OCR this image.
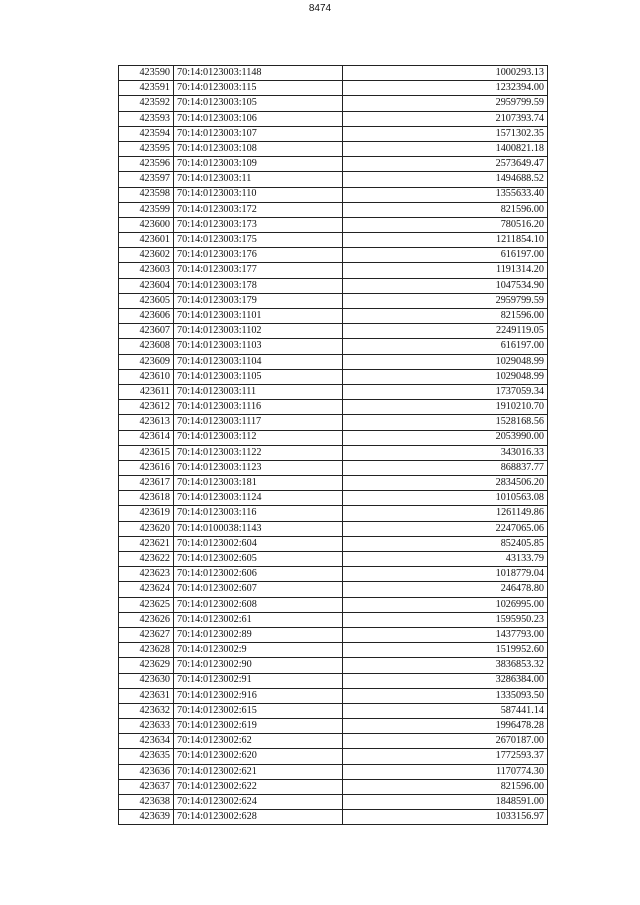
8474
423590	70:14:0123003:1148	1000293.13
423591	70:14:0123003:115	1232394.00
423592	70:14:0123003:105	2959799.59
423593	70:14:0123003:106	2107393.74
423594	70:14:0123003:107	1571302.35
423595	70:14:0123003:108	1400821.18
423596	70:14:0123003:109	2573649.47
423597	70:14:0123003:11	1494688.52
423598	70:14:0123003:110	1355633.40
423599	70:14:0123003:172	821596.00
423600	70:14:0123003:173	780516.20
423601	70:14:0123003:175	1211854.10
423602	70:14:0123003:176	616197.00
423603	70:14:0123003:177	1191314.20
423604	70:14:0123003:178	1047534.90
423605	70:14:0123003:179	2959799.59
423606	70:14:0123003:1101	821596.00
423607	70:14:0123003:1102	2249119.05
423608	70:14:0123003:1103	616197.00
423609	70:14:0123003:1104	1029048.99
423610	70:14:0123003:1105	1029048.99
423611	70:14:0123003:111	1737059.34
423612	70:14:0123003:1116	1910210.70
423613	70:14:0123003:1117	1528168.56
423614	70:14:0123003:112	2053990.00
423615	70:14:0123003:1122	343016.33
423616	70:14:0123003:1123	868837.77
423617	70:14:0123003:181	2834506.20
423618	70:14:0123003:1124	1010563.08
423619	70:14:0123003:116	1261149.86
423620	70:14:0100038:1143	2247065.06
423621	70:14:0123002:604	852405.85
423622	70:14:0123002:605	43133.79
423623	70:14:0123002:606	1018779.04
423624	70:14:0123002:607	246478.80
423625	70:14:0123002:608	1026995.00
423626	70:14:0123002:61	1595950.23
423627	70:14:0123002:89	1437793.00
423628	70:14:0123002:9	1519952.60
423629	70:14:0123002:90	3836853.32
423630	70:14:0123002:91	3286384.00
423631	70:14:0123002:916	1335093.50
423632	70:14:0123002:615	587441.14
423633	70:14:0123002:619	1996478.28
423634	70:14:0123002:62	2670187.00
423635	70:14:0123002:620	1772593.37
423636	70:14:0123002:621	1170774.30
423637	70:14:0123002:622	821596.00
423638	70:14:0123002:624	1848591.00
423639	70:14:0123002:628	1033156.97
